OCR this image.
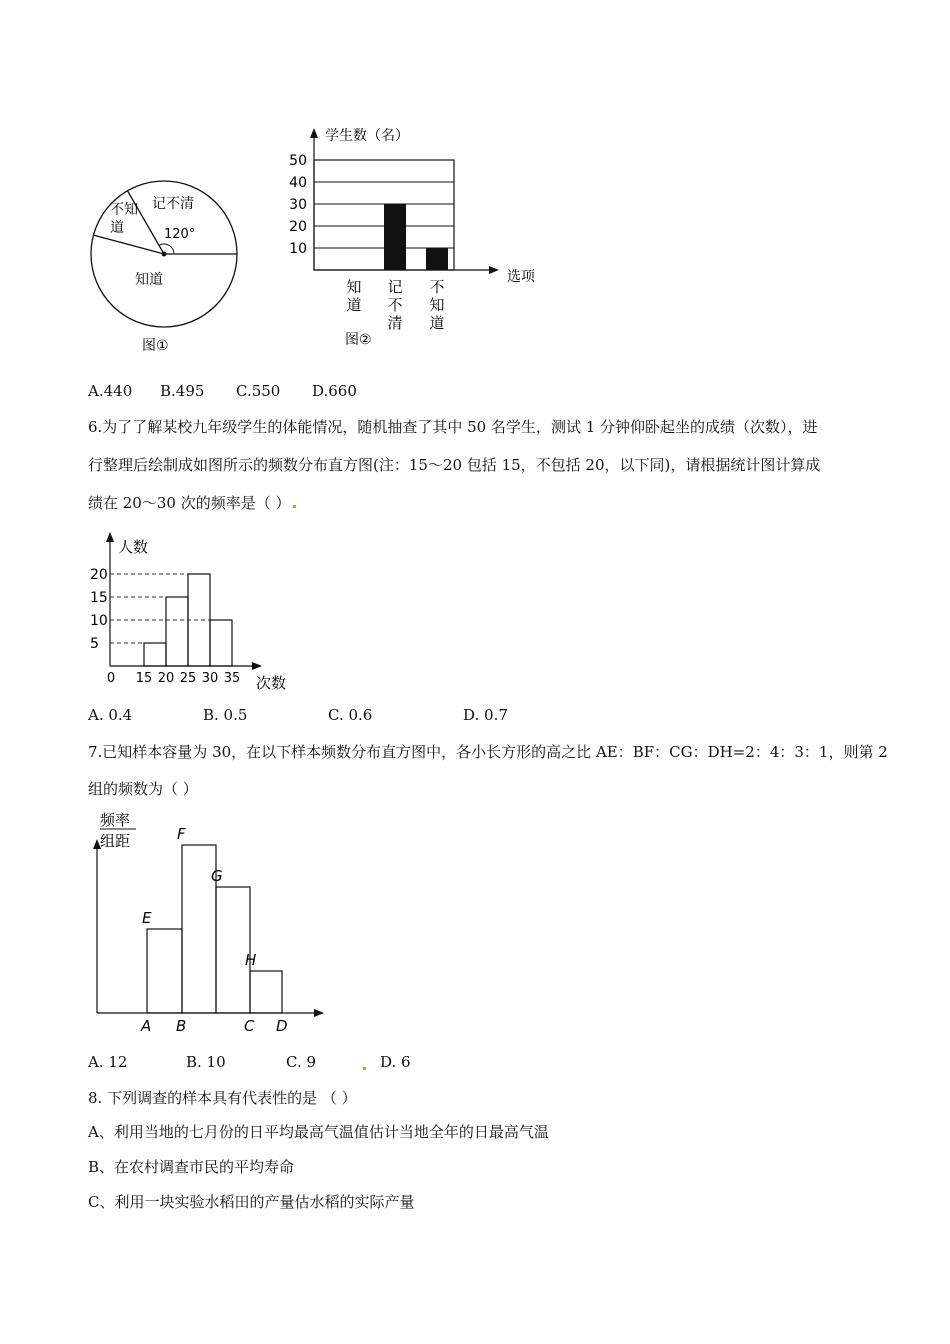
不知
道
记不清
120°
知道
图①
学生数（名）
50
40
30
20
10
选项
知
道
记
不
清
不
知
道
图②
A.440 B.495 C.550 D.660
6.为了了解某校九年级学生的体能情况，随机抽查了其中 50 名学生，测试 1 分钟仰卧起坐的成绩（次数），进
行整理后绘制成如图所示的频数分布直方图(注：15～20 包括 15，不包括 20，以下同)，请根据统计图计算成
绩在 20～30 次的频率是（ ）
人数
次数
20
15
10
5
0 15 20 25 30 35
A. 0.4	B. 0.5	C. 0.6	D. 0.7
7.已知样本容量为 30，在以下样本频数分布直方图中，各小长方形的高之比 AE：BF：CG：DH=2：4：3：1，则第 2
组的频数为（ ）
频率
组距
E
F
G
H
A B	C D
A. 12	B. 10	C. 9	D. 6
8. 下列调查的样本具有代表性的是 （ ）
A、利用当地的七月份的日平均最高气温值估计当地全年的日最高气温
B、在农村调查市民的平均寿命
C、利用一块实验水稻田的产量估水稻的实际产量
